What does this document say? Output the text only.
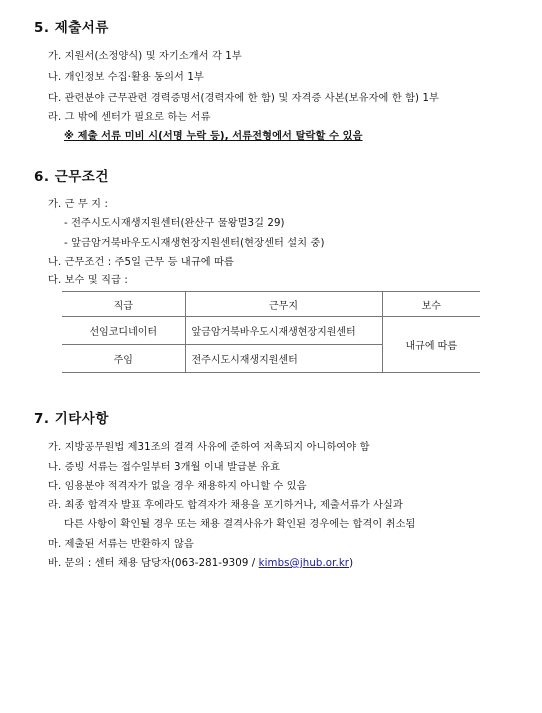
5. 제출서류
가. 지원서(소정양식) 및 자기소개서 각 1부
나. 개인정보 수집·활용 동의서 1부
다. 관련분야 근무관련 경력증명서(경력자에 한 함) 및 자격증 사본(보유자에 한 함) 1부
라. 그 밖에 센터가 필요로 하는 서류
※ 제출 서류 미비 시(서명 누락 등), 서류전형에서 탈락할 수 있음
6. 근무조건
가. 근 무 지 :
- 전주시도시재생지원센터(완산구 물왕멀3길 29)
- 앞금암거북바우도시재생현장지원센터(현장센터 설치 중)
나. 근무조건 : 주5일 근무 등 내규에 따름
다. 보수 및 직급 :
직급	근무지	보수
선임코디네이터	앞금암거북바우도시재생현장지원센터	내규에 따름
주임	전주시도시재생지원센터	
7. 기타사항
가. 지방공무원법 제31조의 결격 사유에 준하여 저촉되지 아니하여야 함
나. 증빙 서류는 접수일부터 3개월 이내 발급분 유효
다. 임용분야 적격자가 없을 경우 채용하지 아니할 수 있음
라. 최종 합격자 발표 후에라도 합격자가 채용을 포기하거나, 제출서류가 사실과
다른 사항이 확인될 경우 또는 채용 결격사유가 확인된 경우에는 합격이 취소됨
마. 제출된 서류는 반환하지 않음
바. 문의 : 센터 채용 담당자(063-281-9309 / kimbs@jhub.or.kr)
